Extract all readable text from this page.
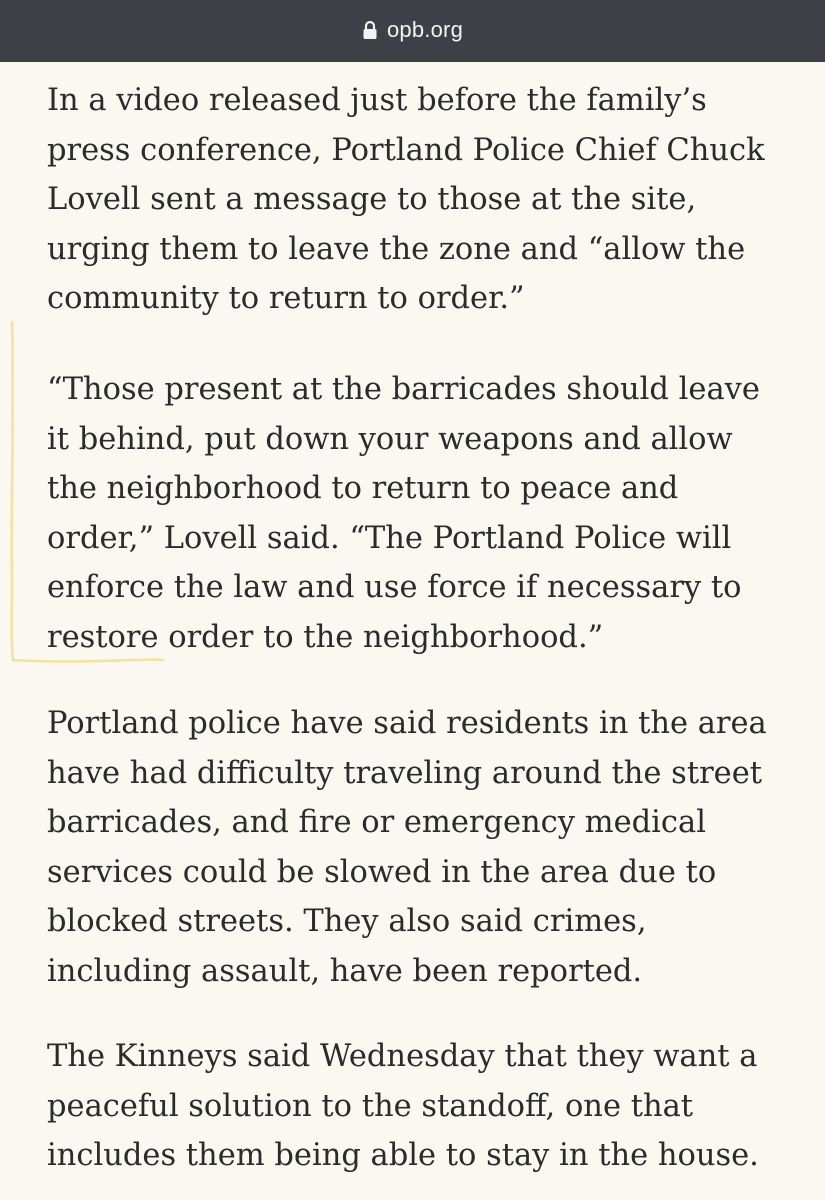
opb.org

In a video released just before the family’s
press conference, Portland Police Chief Chuck
Lovell sent a message to those at the site,
urging them to leave the zone and “allow the
community to return to order.”

“Those present at the barricades should leave
it behind, put down your weapons and allow
the neighborhood to return to peace and
order,” Lovell said. “The Portland Police will
enforce the law and use force if necessary to
restore order to the neighborhood.”

Portland police have said residents in the area
have had difficulty traveling around the street
barricades, and fire or emergency medical
services could be slowed in the area due to
blocked streets. They also said crimes,
including assault, have been reported.

The Kinneys said Wednesday that they want a
peaceful solution to the standoff, one that
includes them being able to stay in the house.
